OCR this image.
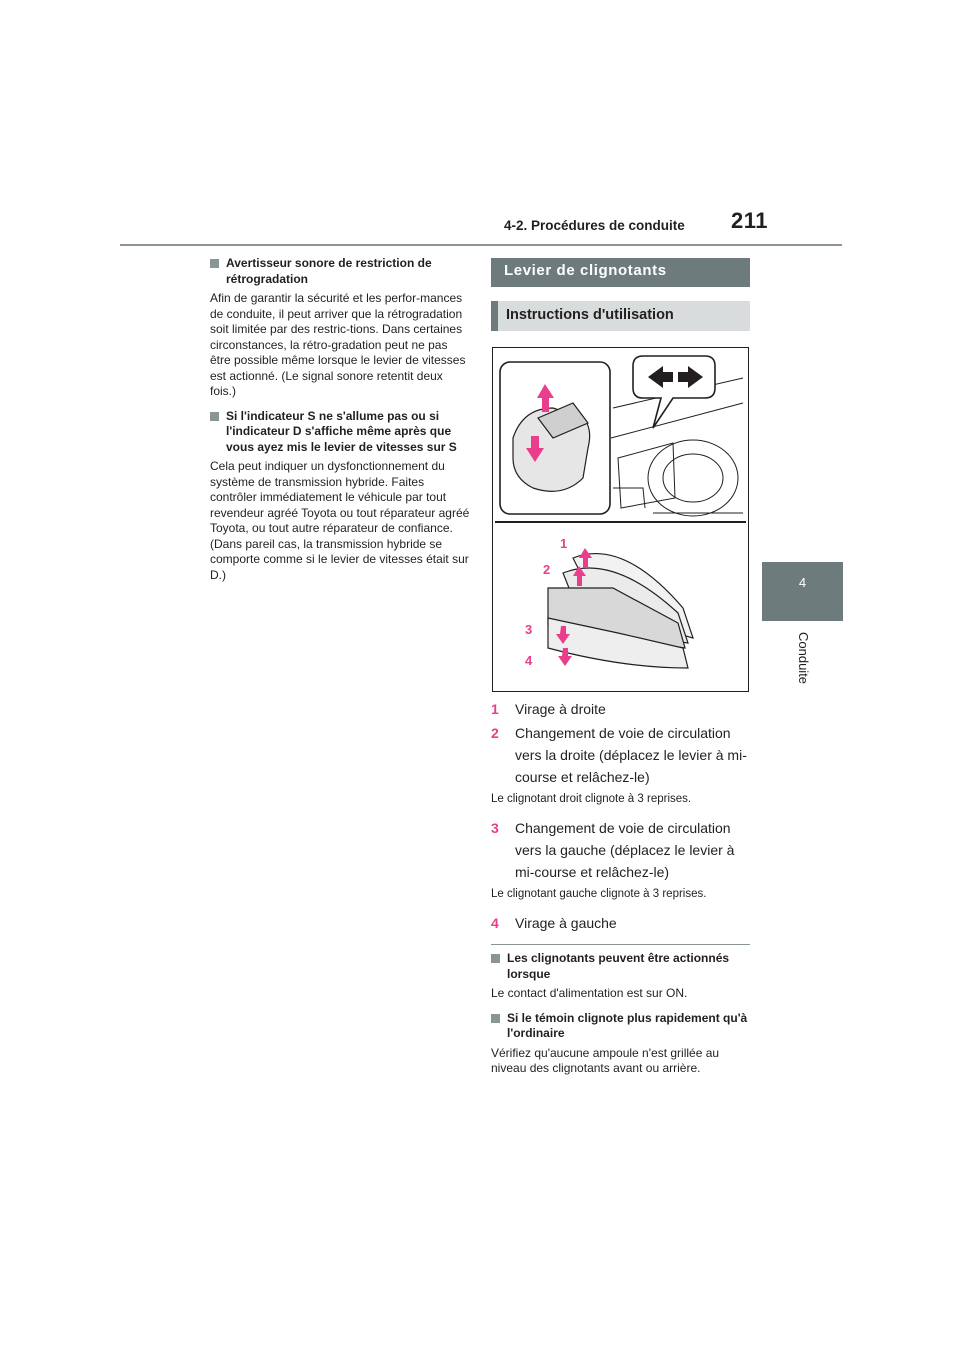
4-2. Procédures de conduite 211
4
Conduite
Avertisseur sonore de restriction de rétrogradation
Afin de garantir la sécurité et les perfor-mances de conduite, il peut arriver que la rétrogradation soit limitée par des restric-tions. Dans certaines circonstances, la rétro-gradation peut ne pas être possible même lorsque le levier de vitesses est actionné. (Le signal sonore retentit deux fois.)
Si l'indicateur S ne s'allume pas ou si l'indicateur D s'affiche même après que vous ayez mis le levier de vitesses sur S
Cela peut indiquer un dysfonctionnement du système de transmission hybride. Faites contrôler immédiatement le véhicule par tout revendeur agréé Toyota ou tout réparateur agréé Toyota, ou tout autre réparateur de confiance. (Dans pareil cas, la transmission hybride se comporte comme si le levier de vitesses était sur D.)
Levier de clignotants
Instructions d'utilisation
1
2
3
4
1 Virage à droite
2 Changement de voie de circulation vers la droite (déplacez le levier à mi-course et relâchez-le)
Le clignotant droit clignote à 3 reprises.
3 Changement de voie de circulation vers la gauche (déplacez le levier à mi-course et relâchez-le)
Le clignotant gauche clignote à 3 reprises.
4 Virage à gauche
Les clignotants peuvent être actionnés lorsque
Le contact d'alimentation est sur ON.
Si le témoin clignote plus rapidement qu'à l'ordinaire
Vérifiez qu'aucune ampoule n'est grillée au niveau des clignotants avant ou arrière.
